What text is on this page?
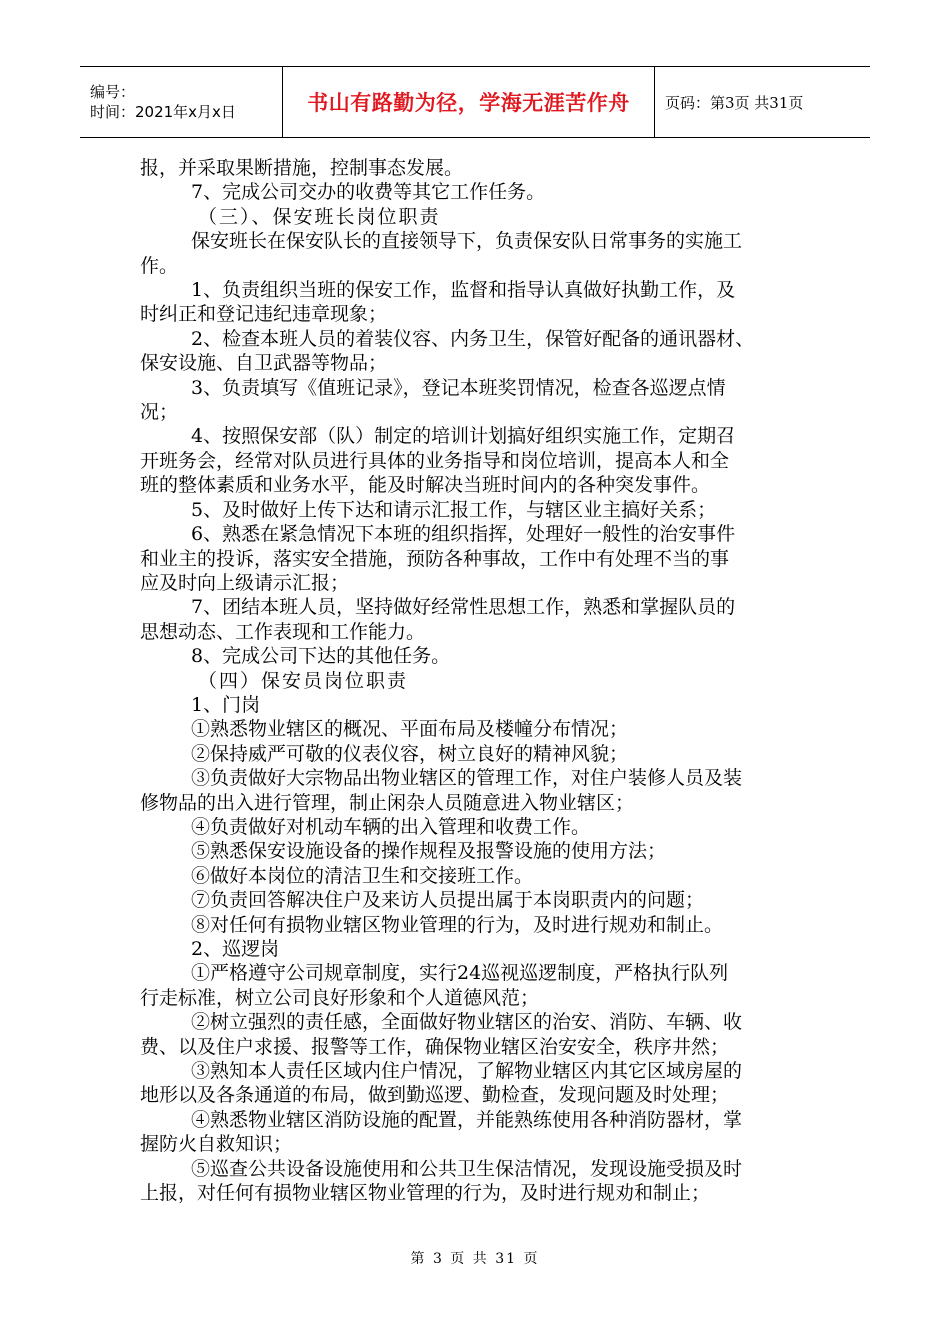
编号：
时间：2021年x月x日	书山有路勤为径，学海无涯苦作舟 页码：第3页 共31页
报，并采取果断措施，控制事态发展。
7、完成公司交办的收费等其它工作任务。
（三）、保安班长岗位职责
保安班长在保安队长的直接领导下，负责保安队日常事务的实施工
作。
1、负责组织当班的保安工作，监督和指导认真做好执勤工作，及
时纠正和登记违纪违章现象；
2、检查本班人员的着装仪容、内务卫生，保管好配备的通讯器材、
保安设施、自卫武器等物品；
3、负责填写《值班记录》，登记本班奖罚情况，检查各巡逻点情
况；
4、按照保安部（队）制定的培训计划搞好组织实施工作，定期召
开班务会，经常对队员进行具体的业务指导和岗位培训，提高本人和全
班的整体素质和业务水平，能及时解决当班时间内的各种突发事件。
5、及时做好上传下达和请示汇报工作，与辖区业主搞好关系；
6、熟悉在紧急情况下本班的组织指挥，处理好一般性的治安事件
和业主的投诉，落实安全措施，预防各种事故，工作中有处理不当的事
应及时向上级请示汇报；
7、团结本班人员，坚持做好经常性思想工作，熟悉和掌握队员的
思想动态、工作表现和工作能力。
8、完成公司下达的其他任务。
（四）保安员岗位职责
1、门岗
①熟悉物业辖区的概况、平面布局及楼幢分布情况；
②保持威严可敬的仪表仪容，树立良好的精神风貌；
③负责做好大宗物品出物业辖区的管理工作，对住户装修人员及装
修物品的出入进行管理，制止闲杂人员随意进入物业辖区；
④负责做好对机动车辆的出入管理和收费工作。
⑤熟悉保安设施设备的操作规程及报警设施的使用方法；
⑥做好本岗位的清洁卫生和交接班工作。
⑦负责回答解决住户及来访人员提出属于本岗职责内的问题；
⑧对任何有损物业辖区物业管理的行为，及时进行规劝和制止。
2、巡逻岗
①严格遵守公司规章制度，实行24巡视巡逻制度，严格执行队列
行走标准，树立公司良好形象和个人道德风范；
②树立强烈的责任感，全面做好物业辖区的治安、消防、车辆、收
费、以及住户求援、报警等工作，确保物业辖区治安安全，秩序井然；
③熟知本人责任区域内住户情况，了解物业辖区内其它区域房屋的
地形以及各条通道的布局，做到勤巡逻、勤检查，发现问题及时处理；
④熟悉物业辖区消防设施的配置，并能熟练使用各种消防器材，掌
握防火自救知识；
⑤巡查公共设备设施使用和公共卫生保洁情况，发现设施受损及时
上报，对任何有损物业辖区物业管理的行为，及时进行规劝和制止；
第 3 页 共 31 页
